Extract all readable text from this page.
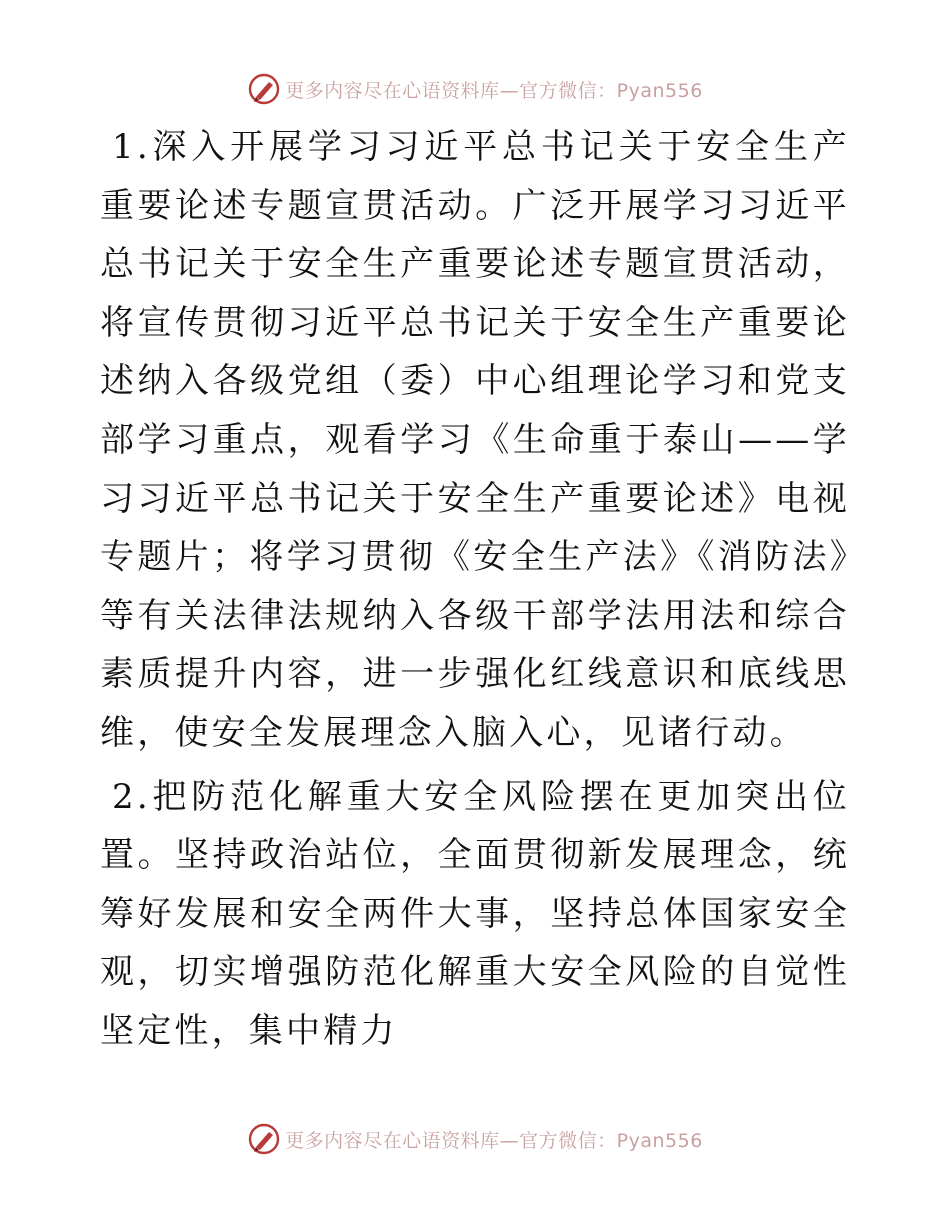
更多内容尽在心语资料库—官方微信：Pyan556

1.深入开展学习习近平总书记关于安全生产重要论述专题宣贯活动。广泛开展学习习近平总书记关于安全生产重要论述专题宣贯活动，将宣传贯彻习近平总书记关于安全生产重要论述纳入各级党组（委）中心组理论学习和党支部学习重点，观看学习《生命重于泰山——学习习近平总书记关于安全生产重要论述》电视专题片；将学习贯彻《安全生产法》《消防法》等有关法律法规纳入各级干部学法用法和综合素质提升内容，进一步强化红线意识和底线思维，使安全发展理念入脑入心，见诸行动。

2.把防范化解重大安全风险摆在更加突出位置。坚持政治站位，全面贯彻新发展理念，统筹好发展和安全两件大事，坚持总体国家安全观，切实增强防范化解重大安全风险的自觉性坚定性，集中精力

更多内容尽在心语资料库—官方微信：Pyan556
